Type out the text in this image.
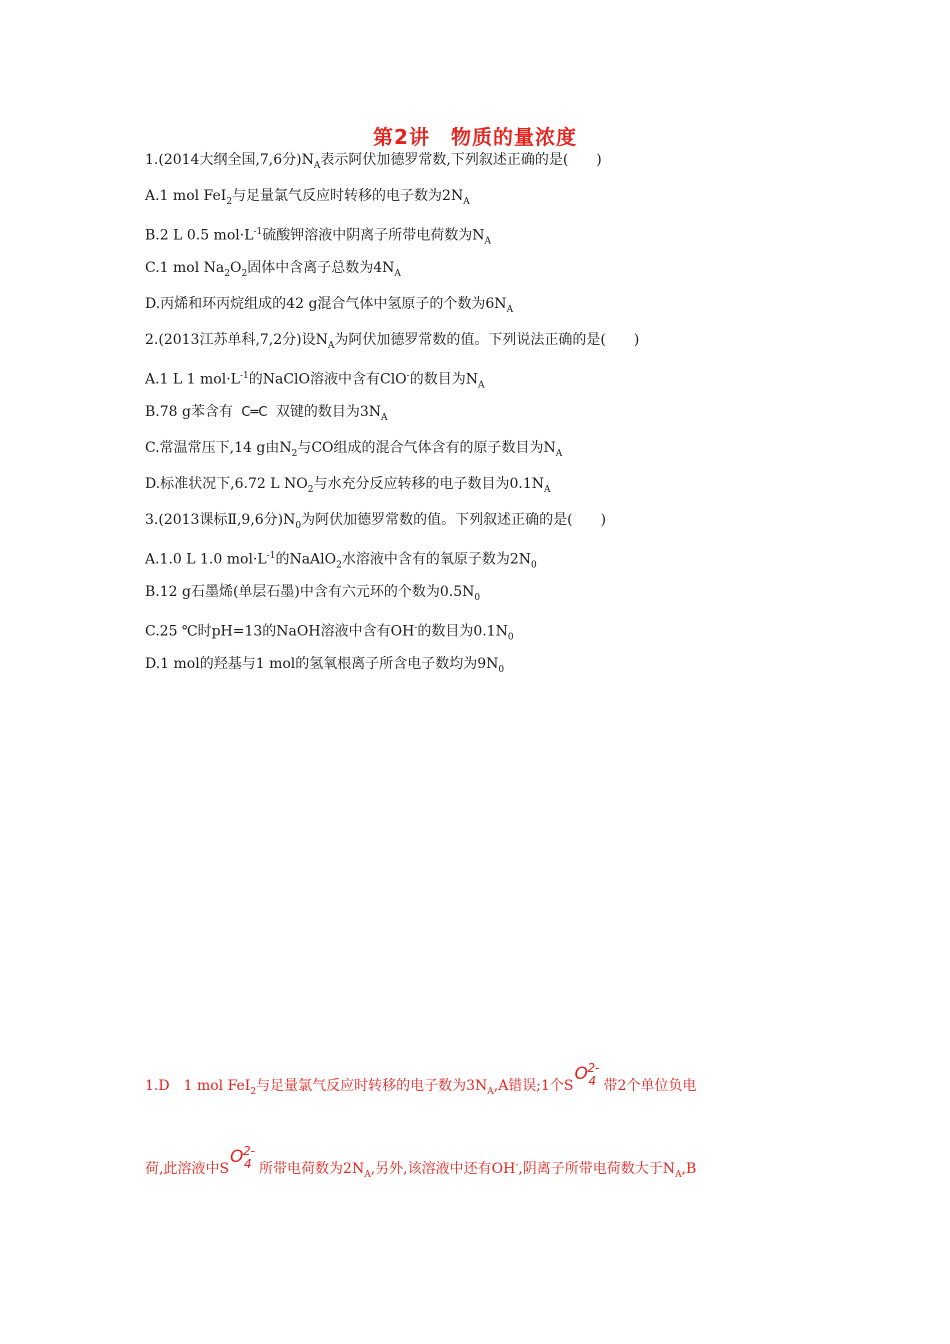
第2讲　物质的量浓度
1.(2014大纲全国,7,6分)$N_A$表示阿伏加德罗常数,下列叙述正确的是(　　)
A.1 mol FeI$_2$与足量氯气反应时转移的电子数为$2N_A$
B.2 L 0.5 $mol\cdot L^{-1}$硫酸钾溶液中阴离子所带电荷数为$N_A$
C.1 mol $Na_2O_2$固体中含离子总数为$4N_A$
D.丙烯和环丙烷组成的42 g混合气体中氢原子的个数为$6N_A$
2.(2013江苏单科,7,2分)设$N_A$为阿伏加德罗常数的值。下列说法正确的是(　　)
A.1 L 1 $mol\cdot L^{-1}$的NaClO溶液中含有ClO-的数目为$N_A$
B.78 g苯含有 C═C 双键的数目为$3N_A$
C.常温常压下,14 g由$N_2$与CO组成的混合气体含有的原子数目为$N_A$
D.标准状况下,6.72 L $NO_2$与水充分反应转移的电子数目为$0.1N_A$
3.(2013课标Ⅱ,9,6分)$N_0$为阿伏加德罗常数的值。下列叙述正确的是(　　)
A.1.0 L 1.0 $mol\cdot L^{-1}$的NaAlO$_2$水溶液中含有的氧原子数为$2N_0$
B.12 g石墨烯(单层石墨)中含有六元环的个数为$0.5N_0$
C.25 ℃时pH=13的NaOH溶液中含有OH-的数目为$0.1N_0$
D.1 mol的羟基与1 mol的氢氧根离子所含电子数均为$9N_0$
1.D　1 mol FeI$_2$与足量氯气反应时转移的电子数为$3N_A,A$错误;1个S
O 2-
4 带2个单位负电
荷,此溶液中S
O 2-
4 所带电荷数为$2N_A$,另外,该溶液中还有OH-,阴离子所带电荷数大于$N_A,B$
